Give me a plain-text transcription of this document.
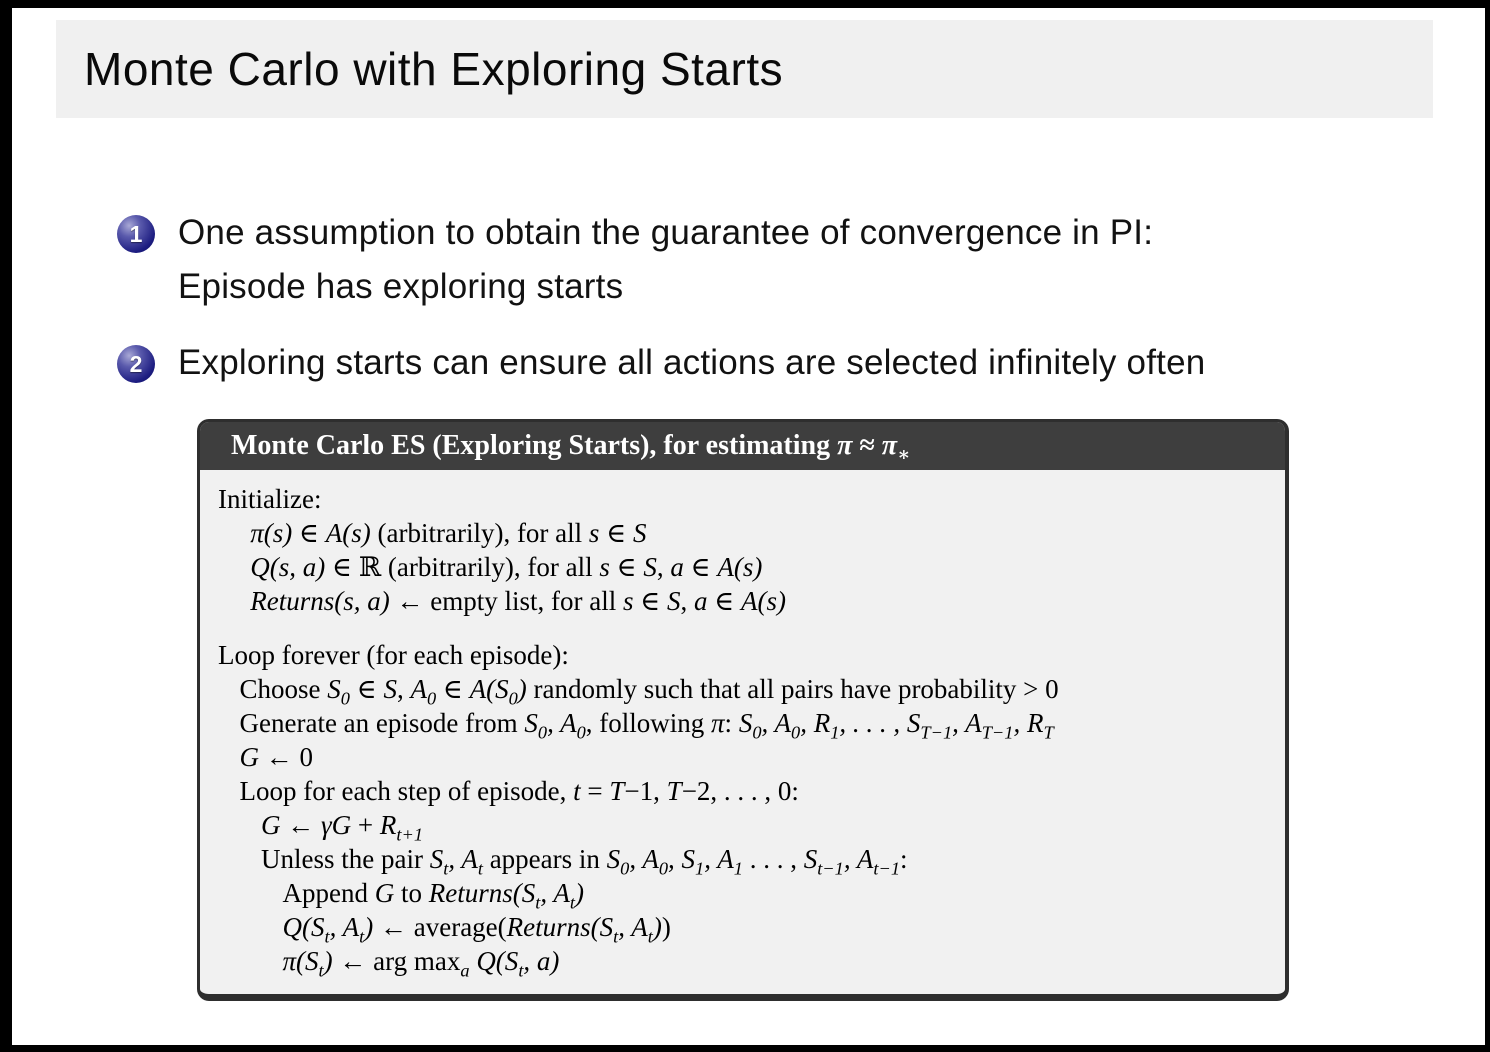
Monte Carlo with Exploring Starts
1	One assumption to obtain the guarantee of convergence in PI:
Episode has exploring starts
2	Exploring starts can ensure all actions are selected infinitely often
Monte Carlo ES (Exploring Starts), for estimating $\pi \approx \pi_∗$
Initialize:
π(s) ∈ A(s) (arbitrarily), for all s ∈ S
Q(s, a) ∈ ℝ (arbitrarily), for all s ∈ S, a ∈ A(s)
Returns(s, a) ← empty list, for all s ∈ S, a ∈ A(s)
Loop forever (for each episode):
Choose $S_0$ ∈ S, $A_0$ ∈ $A(S_0)$ randomly such that all pairs have probability > 0
Generate an episode from $S_0$, $A_0$, following π: $S_0$, $A_0$, $R_1$, . . . , $S_{T-1}$, $A_{T-1}$, $R_T$
G ← 0
Loop for each step of episode, t = T−1, T−2, . . . , 0:
G ← $\gamma G + R_{t+1}$
Unless the pair $S_t$, $A_t$ appears in $S_0$, $A_0$, $S_1$, $A_1$ . . . , $S_{t-1}$, $A_{t-1}$:
Append G to $Returns(S_t$, $A_t$)
$Q(S_t$, $A_t$) ← $average(Returns(S_t$, $A_t$))
$\pi(S_t)$ ← arg $\max_a Q(S_t$, a)
